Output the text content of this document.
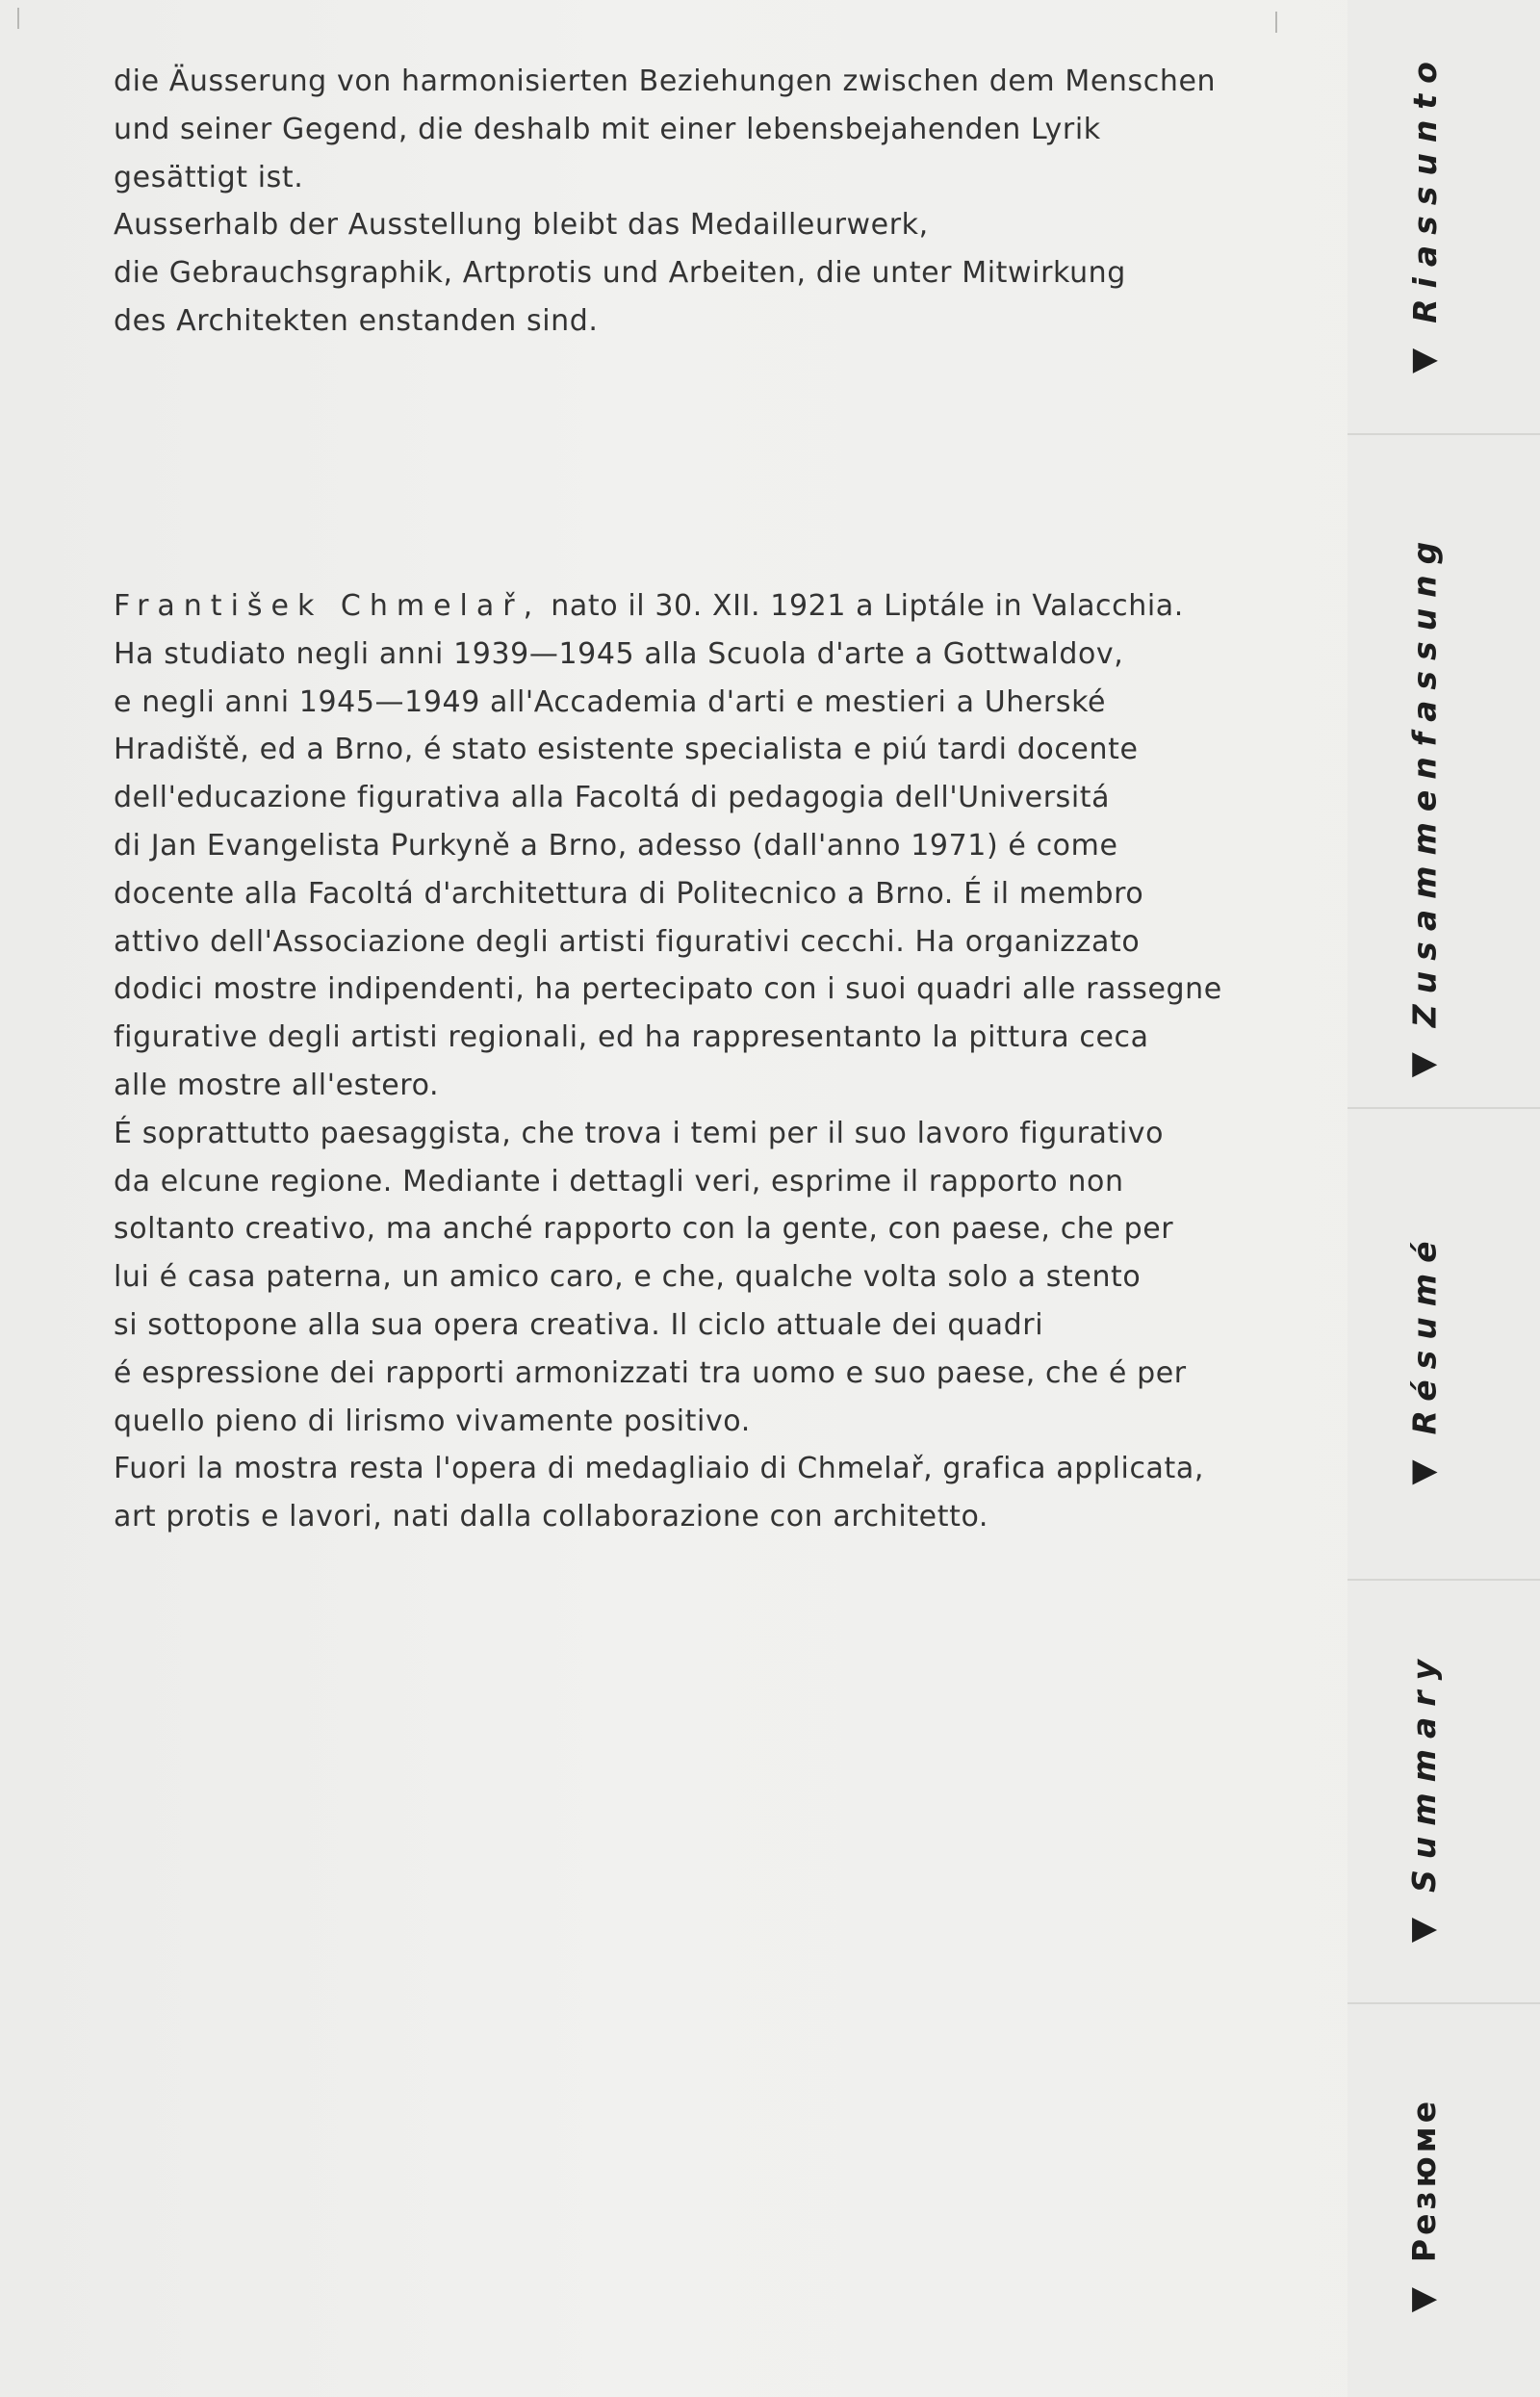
die Äusserung von harmonisierten Beziehungen zwischen dem Menschen

und seiner Gegend, die deshalb mit einer lebensbejahenden Lyrik

gesättigt ist.

Ausserhalb der Ausstellung bleibt das Medailleurwerk,

die Gebrauchsgraphik, Artprotis und Arbeiten, die unter Mitwirkung

des Architekten enstanden sind.

František Chmelař, nato il 30. XII. 1921 a Liptále in Valacchia.

Ha studiato negli anni 1939—1945 alla Scuola d'arte a Gottwaldov,

e negli anni 1945—1949 all'Accademia d'arti e mestieri a Uherské

Hradiště, ed a Brno, é stato esistente specialista e piú tardi docente

dell'educazione figurativa alla Facoltá di pedagogia dell'Universitá

di Jan Evangelista Purkyně a Brno, adesso (dall'anno 1971) é come

docente alla Facoltá d'architettura di Politecnico a Brno. É il membro

attivo dell'Associazione degli artisti figurativi cecchi. Ha organizzato

dodici mostre indipendenti, ha pertecipato con i suoi quadri alle rassegne

figurative degli artisti regionali, ed ha rappresentanto la pittura ceca

alle mostre all'estero.

É soprattutto paesaggista, che trova i temi per il suo lavoro figurativo

da elcune regione. Mediante i dettagli veri, esprime il rapporto non

soltanto creativo, ma anché rapporto con la gente, con paese, che per

lui é casa paterna, un amico caro, e che, qualche volta solo a stento

si sottopone alla sua opera creativa. Il ciclo attuale dei quadri

é espressione dei rapporti armonizzati tra uomo e suo paese, che é per

quello pieno di lirismo vivamente positivo.

Fuori la mostra resta l'opera di medagliaio di Chmelař, grafica applicata,

art protis e lavori, nati dalla collaborazione con architetto.

Riassunto
Zusammenfassung
Résumé
Summary
Резюме
